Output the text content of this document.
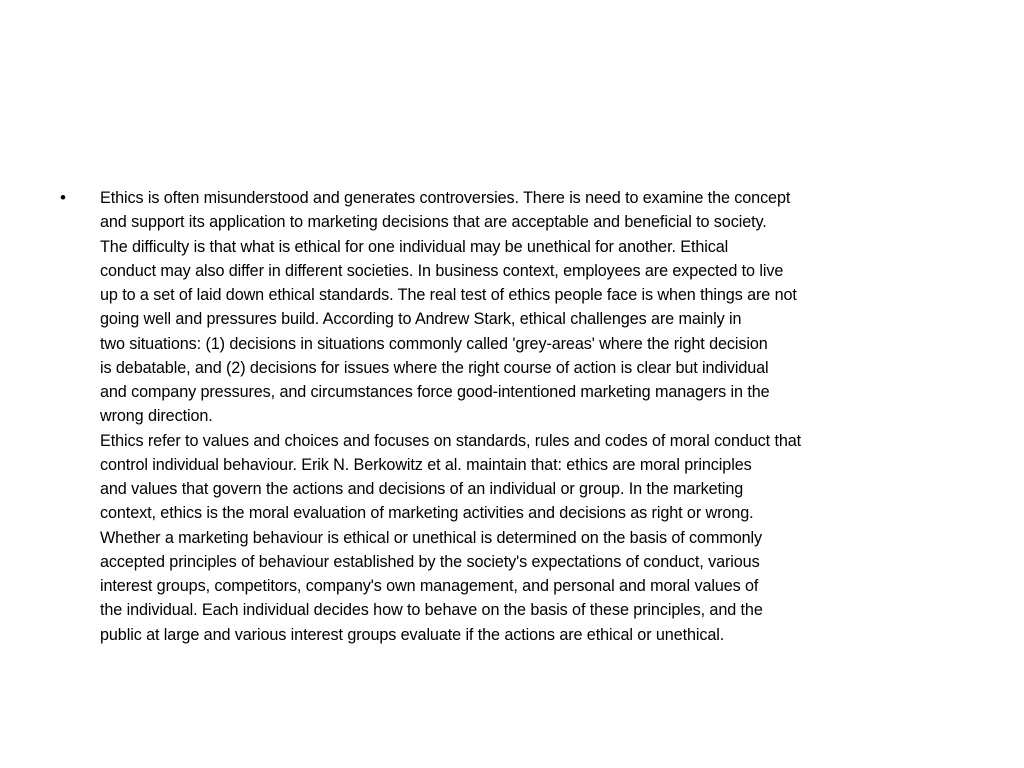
• Ethics is often misunderstood and generates controversies. There is need to examine the concept
and support its application to marketing decisions that are acceptable and beneficial to society.
The difficulty is that what is ethical for one individual may be unethical for another. Ethical
conduct may also differ in different societies. In business context, employees are expected to live
up to a set of laid down ethical standards. The real test of ethics people face is when things are not
going well and pressures build. According to Andrew Stark, ethical challenges are mainly in
two situations: (1) decisions in situations commonly called 'grey-areas' where the right decision
is debatable, and (2) decisions for issues where the right course of action is clear but individual
and company pressures, and circumstances force good-intentioned marketing managers in the
wrong direction.
Ethics refer to values and choices and focuses on standards, rules and codes of moral conduct that
control individual behaviour. Erik N. Berkowitz et al. maintain that: ethics are moral principles
and values that govern the actions and decisions of an individual or group. In the marketing
context, ethics is the moral evaluation of marketing activities and decisions as right or wrong.
Whether a marketing behaviour is ethical or unethical is determined on the basis of commonly
accepted principles of behaviour established by the society's expectations of conduct, various
interest groups, competitors, company's own management, and personal and moral values of
the individual. Each individual decides how to behave on the basis of these principles, and the
public at large and various interest groups evaluate if the actions are ethical or unethical.
